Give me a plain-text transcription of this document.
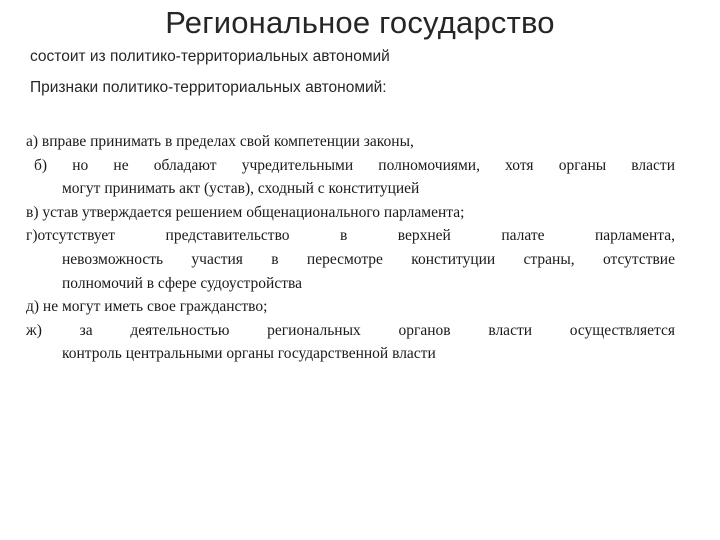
Региональное государство
состоит из политико-территориальных автономий
Признаки политико-территориальных автономий:
а) вправе принимать в пределах свой компетенции законы,
б) но не обладают учредительными полномочиями, хотя органы власти
могут принимать акт (устав), сходный с конституцией
в) устав утверждается решением общенационального парламента;
г)отсутствует представительство в верхней палате парламента,
невозможность участия в пересмотре конституции страны, отсутствие
полномочий в сфере судоустройства
д) не могут иметь свое гражданство;
ж) за деятельностью региональных органов власти осуществляется
контроль центральными органы государственной власти
